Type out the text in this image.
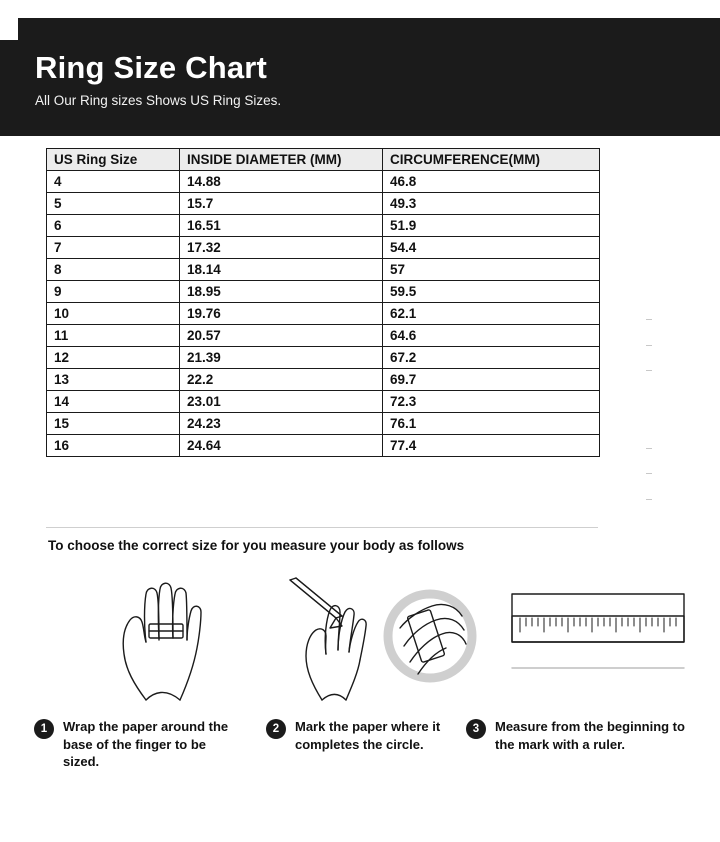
Ring Size Chart

All Our Ring sizes Shows US Ring Sizes.

US Ring Size	INSIDE DIAMETER (MM)	CIRCUMFERENCE(MM)
4	14.88	46.8
5	15.7	49.3
6	16.51	51.9
7	17.32	54.4
8	18.14	57
9	18.95	59.5
10	19.76	62.1
11	20.57	64.6
12	21.39	67.2
13	22.2	69.7
14	23.01	72.3
15	24.23	76.1
16	24.64	77.4
To choose the correct size for you measure your body as follows
1	Wrap the paper around the base of the finger to be sized.
2	Mark the paper where it completes the circle.
3	Measure from the beginning to the mark with a ruler.
